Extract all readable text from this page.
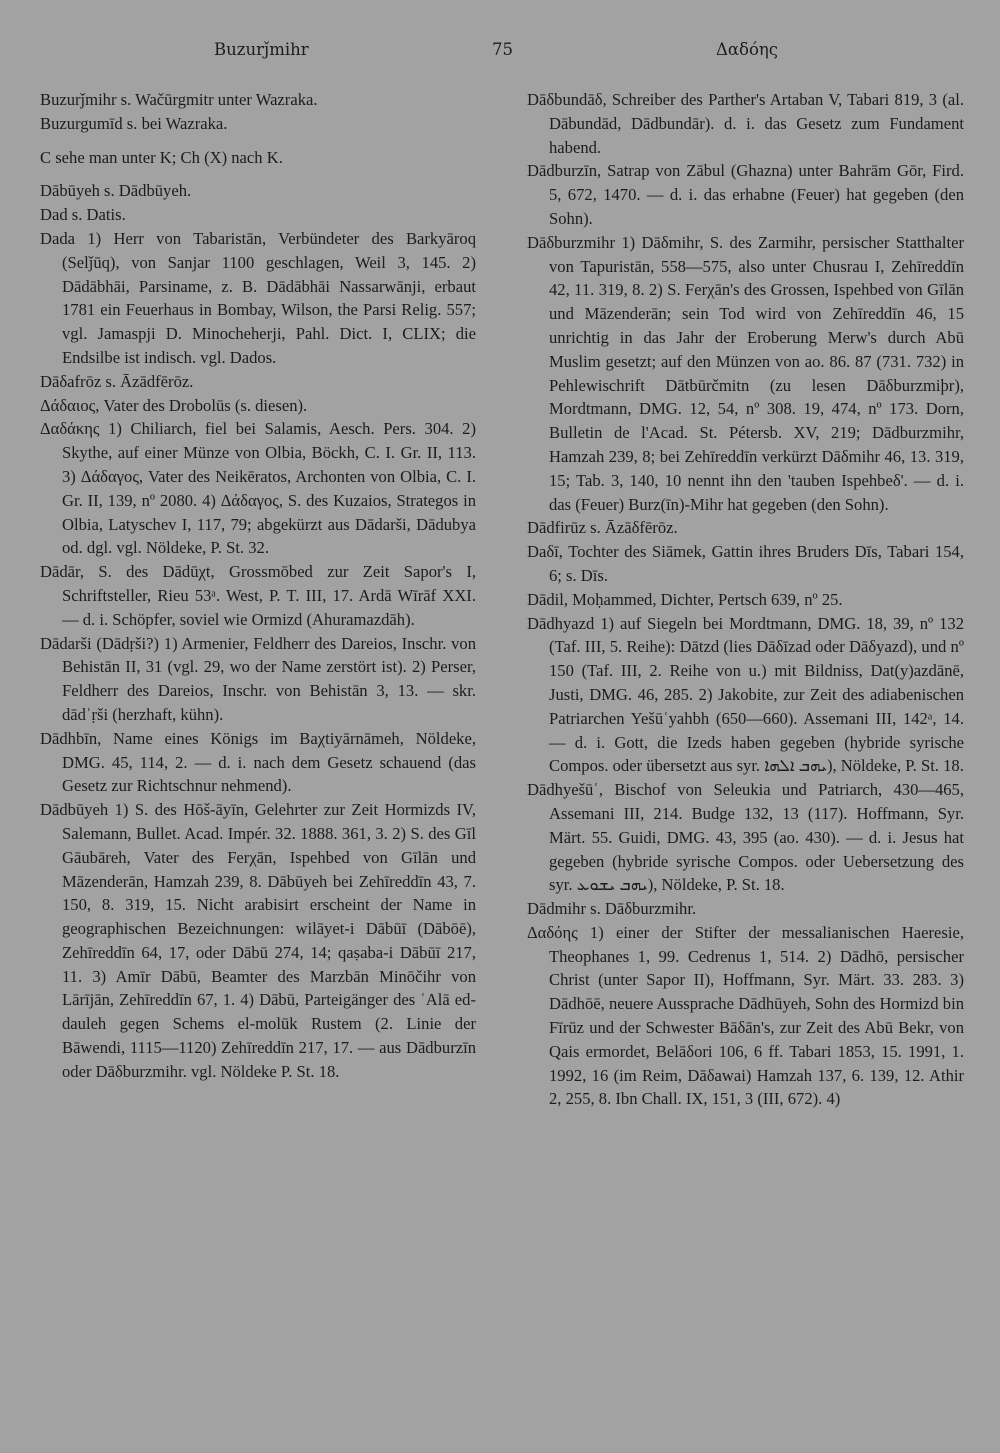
Buzurǰmihr	75	Δαδόης

Buzurǰmihr s. Wačūrgmitr unter Wazraka.

Buzurgumīd s. bei Wazraka.

C sehe man unter K; Ch (X) nach K.

Dābūyeh s. Dādbūyeh.

Dad s. Datis.

Dada 1) Herr von Tabaristān, Verbündeter des Barkyāroq (Selǰūq), von Sanjar 1100 geschlagen, Weil 3, 145. 2) Dādābhāi, Parsiname, z. B. Dādābhāi Nassarwānji, erbaut 1781 ein Feuerhaus in Bombay, Wilson, the Parsi Relig. 557; vgl. Jamaspji D. Minocheherji, Pahl. Dict. I, CLIX; die Endsilbe ist indisch. vgl. Dados.

Dāδafrōz s. Āzādfērōz.

Δάδαιος, Vater des Drobolūs (s. diesen).

Δαδάκης 1) Chiliarch, fiel bei Salamis, Aesch. Pers. 304. 2) Skythe, auf einer Münze von Olbia, Böckh, C. I. Gr. II, 113. 3) Δάδαγος, Vater des Neikēratos, Archonten von Olbia, C. I. Gr. II, 139, nº 2080. 4) Δάδαγος, S. des Kuzaios, Strategos in Olbia, Latyschev I, 117, 79; abgekürzt aus Dādarši, Dādubya od. dgl. vgl. Nöldeke, P. St. 32.

Dādār, S. des Dādūχt, Grossmōbed zur Zeit Sapor's I, Schriftsteller, Rieu 53ᵃ. West, P. T. III, 17. Ardā Wīrāf XXI. — d. i. Schöpfer, soviel wie Ormizd (Ahuramazdāh).

Dādarši (Dādṛši?) 1) Armenier, Feldherr des Dareios, Inschr. von Behistān II, 31 (vgl. 29, wo der Name zerstört ist). 2) Perser, Feldherr des Dareios, Inschr. von Behistān 3, 13. — skr. dādʿṛši (herzhaft, kühn).

Dādhbīn, Name eines Königs im Baχtiyārnāmeh, Nöldeke, DMG. 45, 114, 2. — d. i. nach dem Gesetz schauend (das Gesetz zur Richtschnur nehmend).

Dādbūyeh 1) S. des Hōš-āyīn, Gelehrter zur Zeit Hormizds IV, Salemann, Bullet. Acad. Impér. 32. 1888. 361, 3. 2) S. des Gīl Gāubāreh, Vater des Ferχān, Ispehbed von Gīlān und Māzenderān, Hamzah 239, 8. Dābūyeh bei Zehīreddīn 43, 7. 150, 8. 319, 15. Nicht arabisirt erscheint der Name in geographischen Bezeichnungen: wilāyet-i Dābūī (Dābōē), Zehīreddīn 64, 17, oder Dābū 274, 14; qaṣaba-i Dābūī 217, 11. 3) Amīr Dābū, Beamter des Marzbān Minōčihr von Lārījān, Zehīreddīn 67, 1. 4) Dābū, Parteigänger des ʿAlā ed-dauleh gegen Schems el-molūk Rustem (2. Linie der Bāwendi, 1115—1120) Zehīreddīn 217, 17. — aus Dādburzīn oder Dāδburzmihr. vgl. Nöldeke P. St. 18.

Dāδbundāδ, Schreiber des Parther's Artaban V, Tabari 819, 3 (al. Dābundād, Dādbundār). d. i. das Gesetz zum Fundament habend.

Dādburzīn, Satrap von Zābul (Ghazna) unter Bahrām Gōr, Fird. 5, 672, 1470. — d. i. das erhabne (Feuer) hat gegeben (den Sohn).

Dāδburzmihr 1) Dāδmihr, S. des Zarmihr, persischer Statthalter von Tapuristān, 558—575, also unter Chusrau I, Zehīreddīn 42, 11. 319, 8. 2) S. Ferχān's des Grossen, Ispehbed von Gīlān und Māzenderān; sein Tod wird von Zehīreddīn 46, 15 unrichtig in das Jahr der Eroberung Merw's durch Abū Muslim gesetzt; auf den Münzen von ao. 86. 87 (731. 732) in Pehlewischrift Dātbūrčmitn (zu lesen Dāδburzmiþr), Mordtmann, DMG. 12, 54, nº 308. 19, 474, nº 173. Dorn, Bulletin de l'Acad. St. Pétersb. XV, 219; Dādburzmihr, Hamzah 239, 8; bei Zehīreddīn verkürzt Dāδmihr 46, 13. 319, 15; Tab. 3, 140, 10 nennt ihn den 'tauben Ispehbeδ'. — d. i. das (Feuer) Burz(īn)-Mihr hat gegeben (den Sohn).

Dādfirūz s. Āzāδfērōz.

Daδī, Tochter des Siāmek, Gattin ihres Bruders Dīs, Tabari 154, 6; s. Dīs.

Dādil, Moḥammed, Dichter, Pertsch 639, nº 25.

Dādhyazd 1) auf Siegeln bei Mordtmann, DMG. 18, 39, nº 132 (Taf. III, 5. Reihe): Dātzd (lies Dāδīzad oder Dāδyazd), und nº 150 (Taf. III, 2. Reihe von u.) mit Bildniss, Dat(y)azdānē, Justi, DMG. 46, 285. 2) Jakobite, zur Zeit des adiabenischen Patriarchen Yešūʿyahbh (650—660). Assemani III, 142ᵃ, 14. — d. i. Gott, die Izeds haben gegeben (hybride syrische Compos. oder übersetzt aus syr. ܝܗܒ ܐܠܗܐ), Nöldeke, P. St. 18.

Dādhyešūʿ, Bischof von Seleukia und Patriarch, 430—465, Assemani III, 214. Budge 132, 13 (117). Hoffmann, Syr. Märt. 55. Guidi, DMG. 43, 395 (ao. 430). — d. i. Jesus hat gegeben (hybride syrische Compos. oder Uebersetzung des syr. ܝܗܒ ܝܫܘܥ), Nöldeke, P. St. 18.

Dādmihr s. Dāδburzmihr.

Δαδόης 1) einer der Stifter der messalianischen Haeresie, Theophanes 1, 99. Cedrenus 1, 514. 2) Dādhō, persischer Christ (unter Sapor II), Hoffmann, Syr. Märt. 33. 283. 3) Dādhōē, neuere Aussprache Dādhūyeh, Sohn des Hormizd bin Fīrūz und der Schwester Bāδān's, zur Zeit des Abū Bekr, von Qais ermordet, Belāδori 106, 6 ff. Tabari 1853, 15. 1991, 1. 1992, 16 (im Reim, Dāδawai) Hamzah 137, 6. 139, 12. Athir 2, 255, 8. Ibn Chall. IX, 151, 3 (III, 672). 4)
